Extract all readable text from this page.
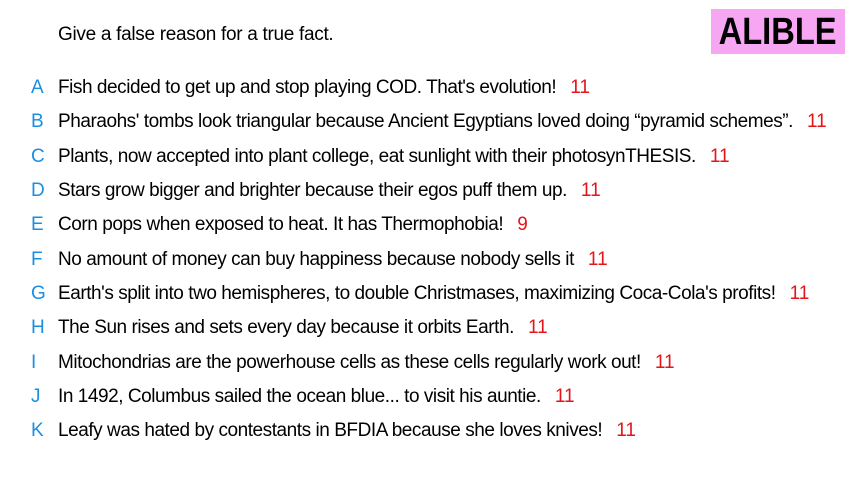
Give a false reason for a true fact.	ALIBLE
A Fish decided to get up and stop playing COD. That's evolution! 11
B Pharaohs' tombs look triangular because Ancient Egyptians loved doing “pyramid schemes”. 11
C Plants, now accepted into plant college, eat sunlight with their photosynTHESIS. 11
D Stars grow bigger and brighter because their egos puff them up. 11
E Corn pops when exposed to heat. It has Thermophobia! 9
F No amount of money can buy happiness because nobody sells it 11
G Earth's split into two hemispheres, to double Christmases, maximizing Coca-Cola's profits! 11
H The Sun rises and sets every day because it orbits Earth. 11
I	Mitochondrias are the powerhouse cells as these cells regularly work out! 11
J In 1492, Columbus sailed the ocean blue... to visit his auntie. 11
K Leafy was hated by contestants in BFDIA because she loves knives! 11
